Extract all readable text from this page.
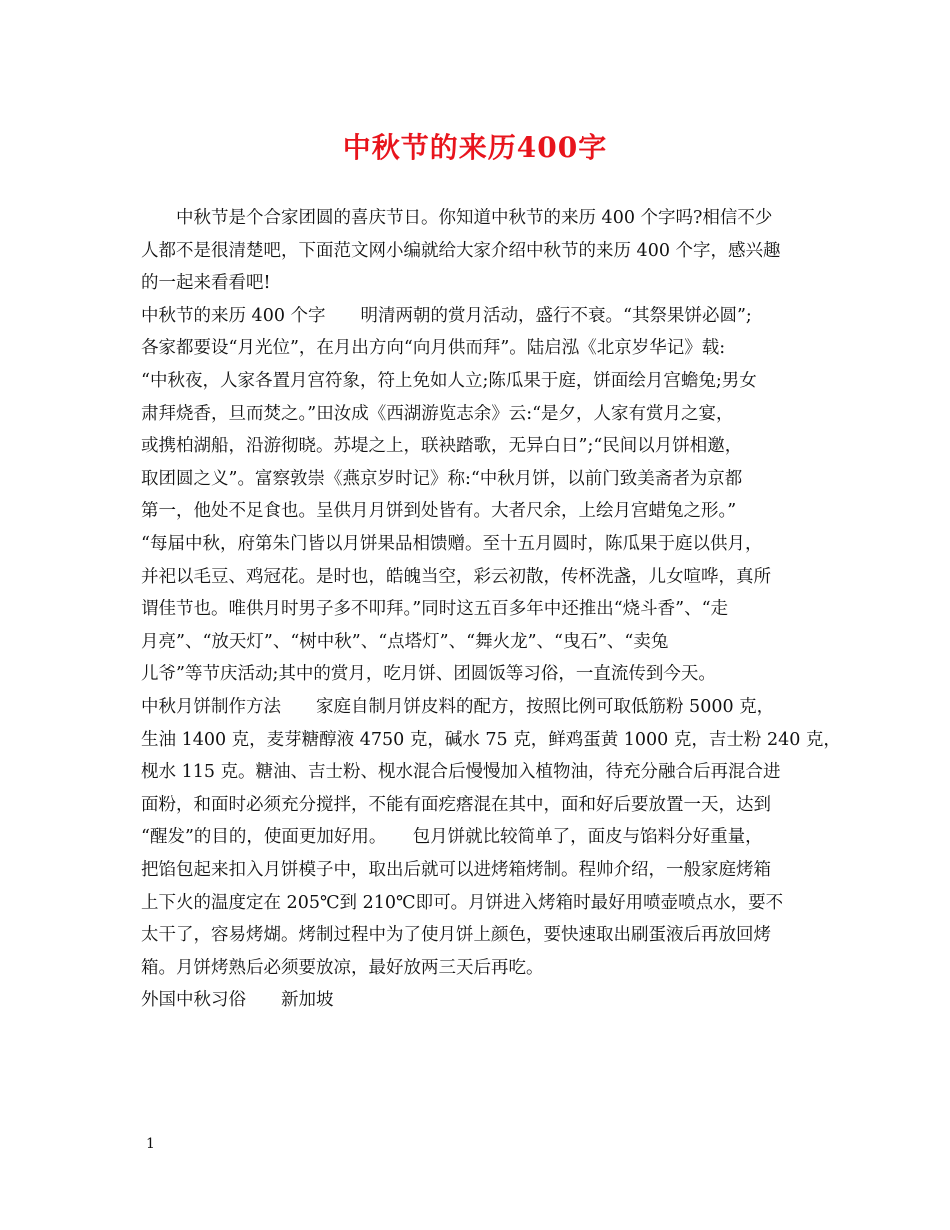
中秋节的来历400字
　　中秋节是个合家团圆的喜庆节日。你知道中秋节的来历 400 个字吗?相信不少
人都不是很清楚吧，下面范文网小编就给大家介绍中秋节的来历 400 个字，感兴趣
的一起来看看吧!
中秋节的来历 400 个字　　明清两朝的赏月活动，盛行不衰。“其祭果饼必圆”;
各家都要设“月光位”，在月出方向“向月供而拜”。陆启泓《北京岁华记》载:
“中秋夜，人家各置月宫符象，符上免如人立;陈瓜果于庭，饼面绘月宫蟾兔;男女
肃拜烧香，旦而焚之。”田汝成《西湖游览志余》云:“是夕，人家有赏月之宴，
或携柏湖船，沿游彻晓。苏堤之上，联袂踏歌，无异白日”;“民间以月饼相邀，
取团圆之义”。富察敦崇《燕京岁时记》称:“中秋月饼，以前门致美斋者为京都
第一，他处不足食也。呈供月月饼到处皆有。大者尺余，上绘月宫蜡兔之形。”
“每届中秋，府第朱门皆以月饼果品相馈赠。至十五月圆时，陈瓜果于庭以供月，
并祀以毛豆、鸡冠花。是时也，皓魄当空，彩云初散，传杯洗盏，儿女喧哗，真所
谓佳节也。唯供月时男子多不叩拜。”同时这五百多年中还推出“烧斗香”、“走
月亮”、“放天灯”、“树中秋”、“点塔灯”、“舞火龙”、“曳石”、“卖兔
儿爷”等节庆活动;其中的赏月，吃月饼、团圆饭等习俗，一直流传到今天。
中秋月饼制作方法　　家庭自制月饼皮料的配方，按照比例可取低筋粉 5000 克，
生油 1400 克，麦芽糖醇液 4750 克，碱水 75 克，鲜鸡蛋黄 1000 克，吉士粉 240 克，
枧水 115 克。糖油、吉士粉、枧水混合后慢慢加入植物油，待充分融合后再混合进
面粉，和面时必须充分搅拌，不能有面疙瘩混在其中，面和好后要放置一天，达到
“醒发”的目的，使面更加好用。　　包月饼就比较简单了，面皮与馅料分好重量，
把馅包起来扣入月饼模子中，取出后就可以进烤箱烤制。程帅介绍，一般家庭烤箱
上下火的温度定在 205℃到 210℃即可。月饼进入烤箱时最好用喷壶喷点水，要不
太干了，容易烤煳。烤制过程中为了使月饼上颜色，要快速取出刷蛋液后再放回烤
箱。月饼烤熟后必须要放凉，最好放两三天后再吃。
外国中秋习俗　　新加坡
1
